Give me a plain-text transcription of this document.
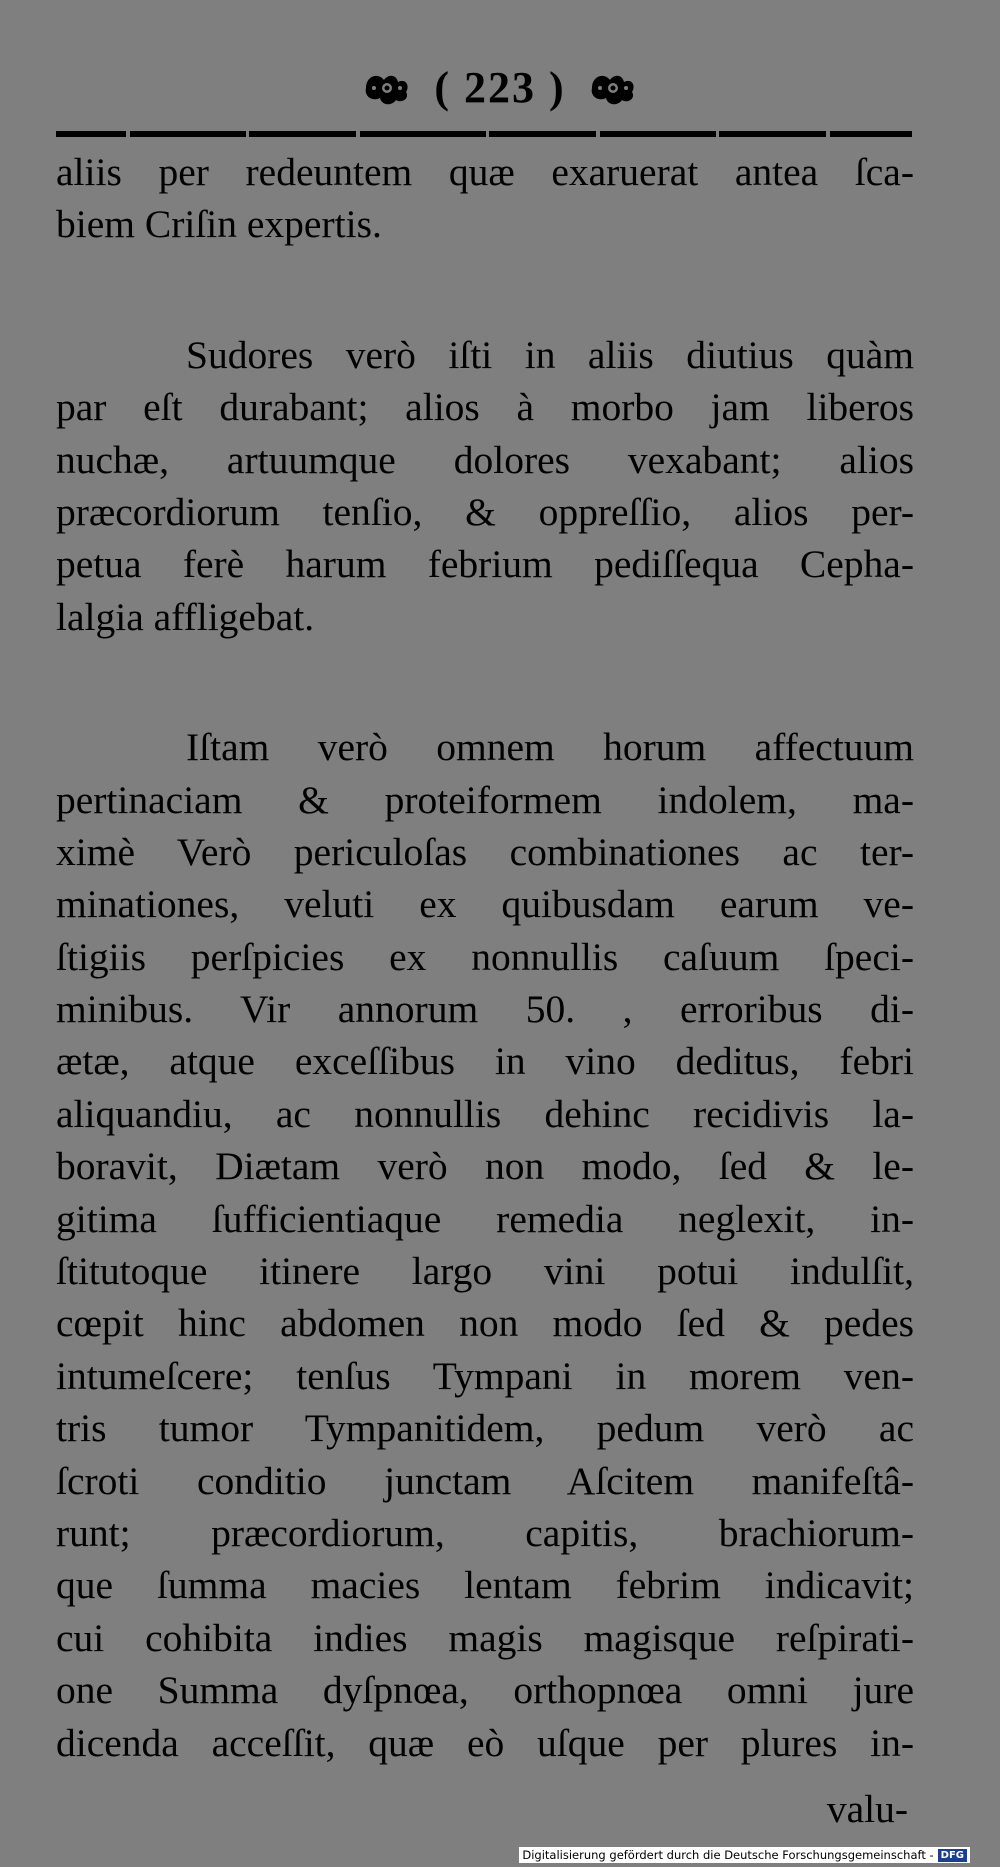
( 223 )
aliis per redeuntem quæ exaruerat antea ſca-
biem Criſin expertis.
Sudores verò iſti in aliis diutius quàm
par eſt durabant; alios à morbo jam liberos
nuchæ, artuumque dolores vexabant; alios
præcordiorum tenſio, & oppreſſio, alios per-
petua ferè harum febrium pediſſequa Cepha-
lalgia affligebat.
Iſtam verò omnem horum affectuum
pertinaciam & proteiformem indolem, ma-
ximè Verò periculoſas combinationes ac ter-
minationes, veluti ex quibusdam earum ve-
ſtigiis perſpicies ex nonnullis caſuum ſpeci-
minibus. Vir annorum 50. , erroribus di-
ætæ, atque exceſſibus in vino deditus, febri
aliquandiu, ac nonnullis dehinc recidivis la-
boravit, Diætam verò non modo, ſed & le-
gitima ſufficientiaque remedia neglexit, in-
ſtitutoque itinere largo vini potui indulſit,
cœpit hinc abdomen non modo ſed & pedes
intumeſcere; tenſus Tympani in morem ven-
tris tumor Tympanitidem, pedum verò ac
ſcroti conditio junctam Aſcitem manifeſtâ-
runt; præcordiorum, capitis, brachiorum-
que ſumma macies lentam febrim indicavit;
cui cohibita indies magis magisque reſpirati-
one Summa dyſpnœa, orthopnœa omni jure
dicenda acceſſit, quæ eò uſque per plures in-
valu-
Digitalisierung gefördert durch die Deutsche Forschungsgemeinschaft - DFG
